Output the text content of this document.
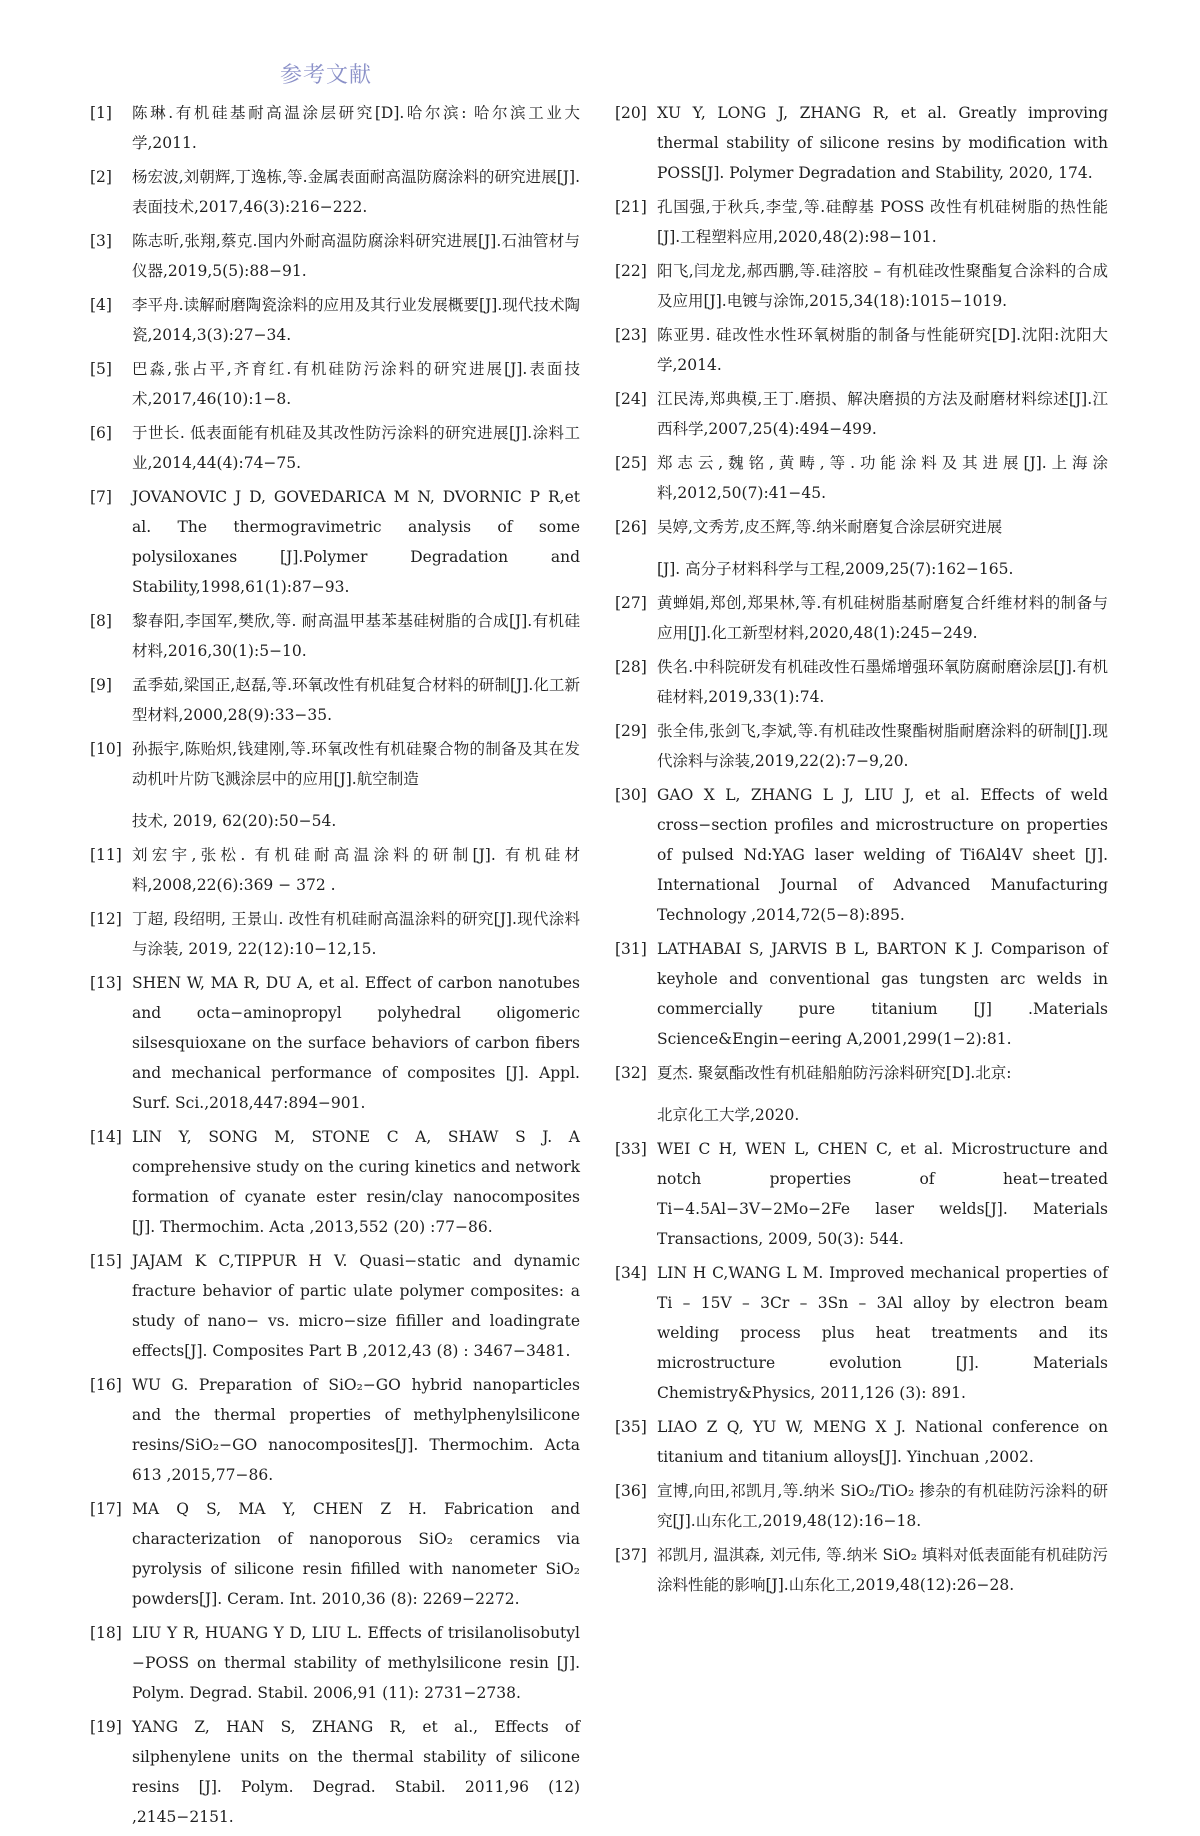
参考文献
[1]	陈琳.有机硅基耐高温涂层研究[D].哈尔滨: 哈尔滨工业大学,2011.
[2]	杨宏波,刘朝辉,丁逸栋,等.金属表面耐高温防腐涂料的研究进展[J].表面技术,2017,46(3):216−222.
[3]	陈志昕,张翔,蔡克.国内外耐高温防腐涂料研究进展[J].石油管材与仪器,2019,5(5):88−91.
[4]	李平舟.读解耐磨陶瓷涂料的应用及其行业发展概要[J].现代技术陶瓷,2014,3(3):27−34.
[5]	巴淼,张占平,齐育红.有机硅防污涂料的研究进展[J].表面技术,2017,46(10):1−8.
[6]	于世长. 低表面能有机硅及其改性防污涂料的研究进展[J].涂料工业,2014,44(4):74−75.
[7]	JOVANOVIC J D, GOVEDARICA M N, DVORNIC P R,et al. The thermogravimetric analysis of some polysiloxanes [J].Polymer Degradation and Stability,1998,61(1):87−93.
[8]	黎春阳,李国军,樊欣,等. 耐高温甲基苯基硅树脂的合成[J].有机硅材料,2016,30(1):5−10.
[9]	孟季茹,梁国正,赵磊,等.环氧改性有机硅复合材料的研制[J].化工新型材料,2000,28(9):33−35.
[10] 孙振宇,陈贻炽,钱建刚,等.环氧改性有机硅聚合物的制备及其在发动机叶片防飞溅涂层中的应用[J].航空制造
技术, 2019, 62(20):50−54.
[11] 刘宏宇,张松. 有机硅耐高温涂料的研制[J]. 有机硅材料,2008,22(6):369 − 372 .
[12] 丁超, 段绍明, 王景山. 改性有机硅耐高温涂料的研究[J].现代涂料与涂装, 2019, 22(12):10−12,15.
[13] SHEN W, MA R, DU A, et al. Effect of carbon nanotubes and octa−aminopropyl polyhedral oligomeric silsesquioxane on the surface behaviors of carbon fibers and mechanical performance of composites [J]. Appl. Surf. Sci.,2018,447:894−901.
[14] LIN Y, SONG M, STONE C A, SHAW S J. A comprehensive study on the curing kinetics and network formation of cyanate ester resin/clay nanocomposites [J]. Thermochim. Acta ,2013,552 (20) :77−86.
[15] JAJAM K C,TIPPUR H V. Quasi−static and dynamic fracture behavior of partic ulate polymer composites: a study of nano− vs. micro−size fifiller and loadingrate effects[J]. Composites Part B ,2012,43 (8) : 3467−3481.
[16] WU G. Preparation of SiO₂−GO hybrid nanoparticles and the thermal properties of methylphenylsilicone resins/SiO₂−GO nanocomposites[J]. Thermochim. Acta 613 ,2015,77−86.
[17] MA Q S, MA Y, CHEN Z H. Fabrication and characterization of nanoporous SiO₂ ceramics via pyrolysis of silicone resin fifilled with nanometer SiO₂ powders[J]. Ceram. Int. 2010,36 (8): 2269−2272.
[18] LIU Y R, HUANG Y D, LIU L. Effects of trisilanolisobutyl −POSS on thermal stability of methylsilicone resin [J]. Polym. Degrad. Stabil. 2006,91 (11): 2731−2738.
[19] YANG Z, HAN S, ZHANG R, et al., Effects of silphenylene units on the thermal stability of silicone resins [J]. Polym. Degrad. Stabil. 2011,96 (12) ,2145−2151.
[20] XU Y, LONG J, ZHANG R, et al. Greatly improving thermal stability of silicone resins by modification with POSS[J]. Polymer Degradation and Stability, 2020, 174.
[21] 孔国强,于秋兵,李莹,等.硅醇基 POSS 改性有机硅树脂的热性能[J].工程塑料应用,2020,48(2):98−101.
[22] 阳飞,闫龙龙,郝西鹏,等.硅溶胶 – 有机硅改性聚酯复合涂料的合成及应用[J].电镀与涂饰,2015,34(18):1015−1019.
[23] 陈亚男. 硅改性水性环氧树脂的制备与性能研究[D].沈阳:沈阳大学,2014.
[24] 江民涛,郑典模,王丁.磨损、解决磨损的方法及耐磨材料综述[J].江西科学,2007,25(4):494−499.
[25] 郑志云,魏铭,黄畴,等.功能涂料及其进展[J].上海涂料,2012,50(7):41−45.
[26] 吴婷,文秀芳,皮丕辉,等.纳米耐磨复合涂层研究进展
[J]. 高分子材料科学与工程,2009,25(7):162−165.
[27] 黄蝉娟,郑创,郑果林,等.有机硅树脂基耐磨复合纤维材料的制备与应用[J].化工新型材料,2020,48(1):245−249.
[28] 佚名.中科院研发有机硅改性石墨烯增强环氧防腐耐磨涂层[J].有机硅材料,2019,33(1):74.
[29] 张全伟,张剑飞,李斌,等.有机硅改性聚酯树脂耐磨涂料的研制[J].现代涂料与涂装,2019,22(2):7−9,20.
[30] GAO X L, ZHANG L J, LIU J, et al. Effects of weld cross−section profiles and microstructure on properties of pulsed Nd:YAG laser welding of Ti6Al4V sheet [J]. International Journal of Advanced Manufacturing Technology ,2014,72(5−8):895.
[31] LATHABAI S, JARVIS B L, BARTON K J. Comparison of keyhole and conventional gas tungsten arc welds in commercially pure titanium [J] .Materials Science&Engin−eering A,2001,299(1−2):81.
[32] 夏杰. 聚氨酯改性有机硅船舶防污涂料研究[D].北京:
北京化工大学,2020.
[33] WEI C H, WEN L, CHEN C, et al. Microstructure and notch properties of heat−treated Ti−4.5Al−3V−2Mo−2Fe laser welds[J]. Materials Transactions, 2009, 50(3): 544.
[34] LIN H C,WANG L M. Improved mechanical properties of Ti – 15V – 3Cr – 3Sn – 3Al alloy by electron beam welding process plus heat treatments and its microstructure evolution [J]. Materials Chemistry&Physics, 2011,126 (3): 891.
[35] LIAO Z Q, YU W, MENG X J. National conference on titanium and titanium alloys[J]. Yinchuan ,2002.
[36] 宣博,向田,祁凯月,等.纳米 SiO₂/TiO₂ 掺杂的有机硅防污涂料的研究[J].山东化工,2019,48(12):16−18.
[37] 祁凯月, 温淇森, 刘元伟, 等.纳米 SiO₂ 填料对低表面能有机硅防污涂料性能的影响[J].山东化工,2019,48(12):26−28.
